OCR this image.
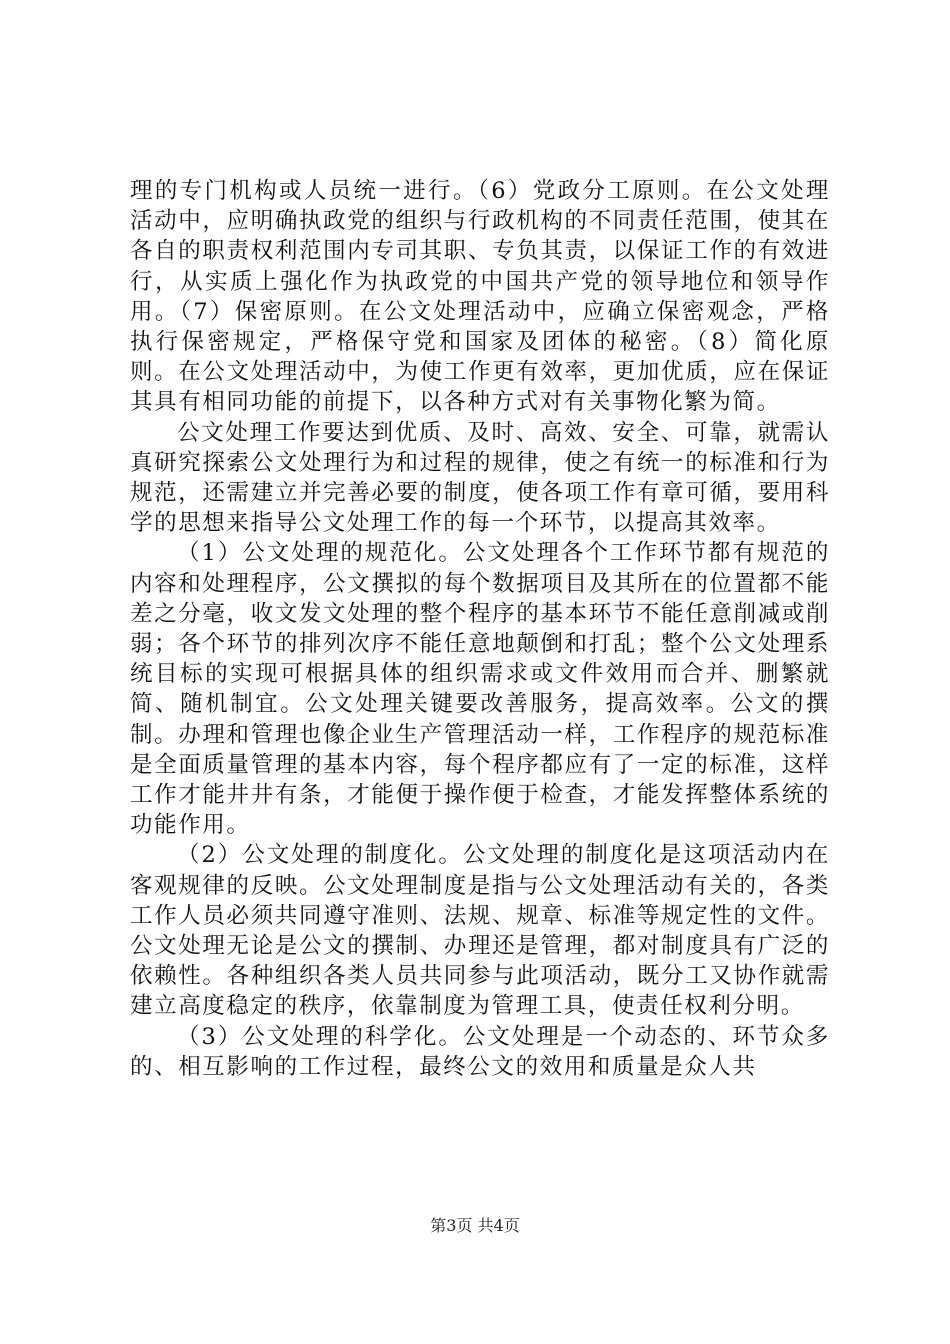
理的专门机构或人员统一进行。（6）党政分工原则。在公文处理活动中，应明确执政党的组织与行政机构的不同责任范围，使其在各自的职责权利范围内专司其职、专负其责，以保证工作的有效进行，从实质上强化作为执政党的中国共产党的领导地位和领导作用。（7）保密原则。在公文处理活动中，应确立保密观念，严格执行保密规定，严格保守党和国家及团体的秘密。（8）简化原则。在公文处理活动中，为使工作更有效率，更加优质，应在保证其具有相同功能的前提下，以各种方式对有关事物化繁为简。

公文处理工作要达到优质、及时、高效、安全、可靠，就需认真研究探索公文处理行为和过程的规律，使之有统一的标准和行为规范，还需建立并完善必要的制度，使各项工作有章可循，要用科学的思想来指导公文处理工作的每一个环节，以提高其效率。

（1）公文处理的规范化。公文处理各个工作环节都有规范的内容和处理程序，公文撰拟的每个数据项目及其所在的位置都不能差之分毫，收文发文处理的整个程序的基本环节不能任意削减或削弱；各个环节的排列次序不能任意地颠倒和打乱；整个公文处理系统目标的实现可根据具体的组织需求或文件效用而合并、删繁就简、随机制宜。公文处理关键要改善服务，提高效率。公文的撰制。办理和管理也像企业生产管理活动一样，工作程序的规范标准是全面质量管理的基本内容，每个程序都应有了一定的标准，这样工作才能井井有条，才能便于操作便于检查，才能发挥整体系统的功能作用。

（2）公文处理的制度化。公文处理的制度化是这项活动内在客观规律的反映。公文处理制度是指与公文处理活动有关的，各类工作人员必须共同遵守准则、法规、规章、标准等规定性的文件。公文处理无论是公文的撰制、办理还是管理，都对制度具有广泛的依赖性。各种组织各类人员共同参与此项活动，既分工又协作就需建立高度稳定的秩序，依靠制度为管理工具，使责任权利分明。

（3）公文处理的科学化。公文处理是一个动态的、环节众多的、相互影响的工作过程，最终公文的效用和质量是众人共

第3页 共4页
